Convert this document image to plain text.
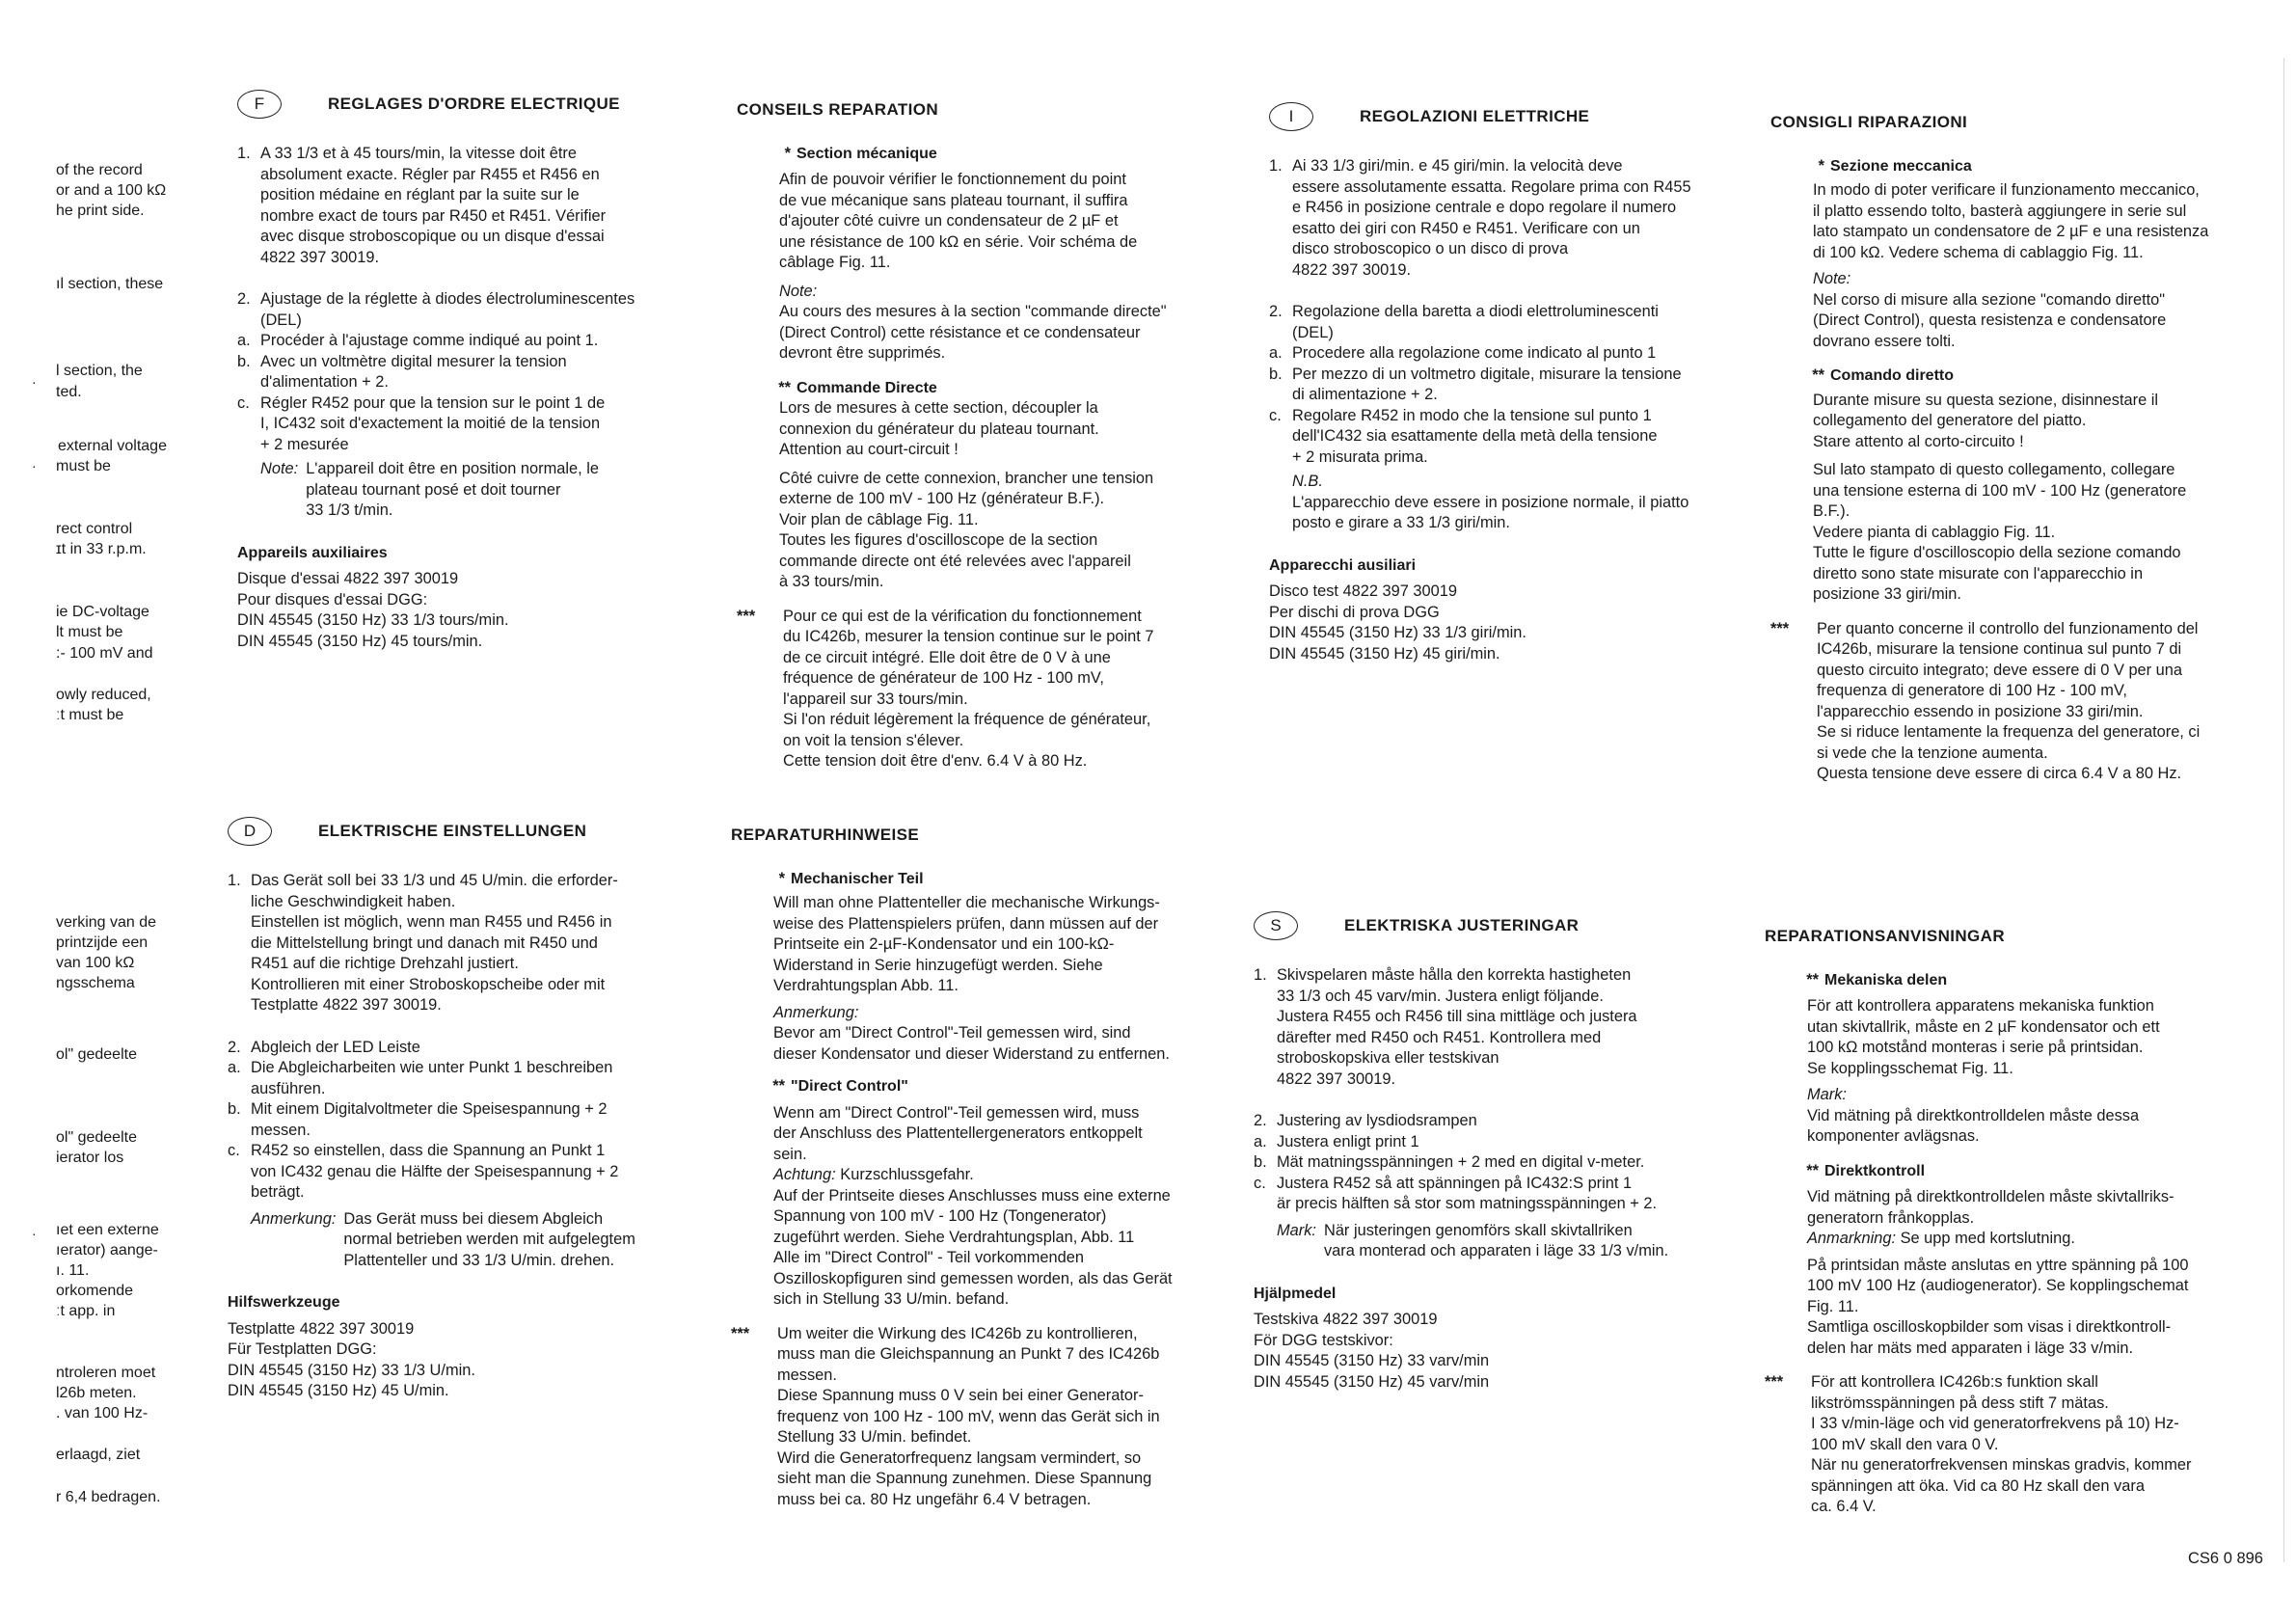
of the record
or and a 100 kΩ
he print side.
ıl section, these
l section, the
ted.
external voltage
must be
rect control
ɪt in 33 r.p.m.
ie DC-voltage
lt must be
:- 100 mV and
owly reduced,
ːt must be
verking van de
printzijde een
van 100 kΩ
ngsschema
ol" gedeelte
ol" gedeelte
ierator los
ıet een externe
ıerator) aange-
ı. 11.
orkomende
ːt app. in
ntroleren moet
l26b meten.
. van 100 Hz-
erlaagd, ziet
r 6,4 bedragen.
·
·
·
F	REGLAGES D'ORDRE ELECTRIQUE
1. A 33 1/3 et à 45 tours/min, la vitesse doit être
absolument exacte. Régler par R455 et R456 en
position médaine en réglant par la suite sur le
nombre exact de tours par R450 et R451. Vérifier
avec disque stroboscopique ou un disque d'essai
4822 397 30019.
2. Ajustage de la réglette à diodes électroluminescentes
(DEL)
a. Procéder à l'ajustage comme indiqué au point 1.
b. Avec un voltmètre digital mesurer la tension
d'alimentation + 2.
c. Régler R452 pour que la tension sur le point 1 de
I, IC432 soit d'exactement la moitié de la tension
+ 2 mesurée
Note: L'appareil doit être en position normale, le
plateau tournant posé et doit tourner
33 1/3 t/min.
Appareils auxiliaires
Disque d'essai 4822 397 30019
Pour disques d'essai DGG:
DIN 45545 (3150 Hz) 33 1/3 tours/min.
DIN 45545 (3150 Hz) 45 tours/min.
CONSEILS REPARATION
* Section mécanique
Afin de pouvoir vérifier le fonctionnement du point
de vue mécanique sans plateau tournant, il suffira
d'ajouter côté cuivre un condensateur de 2 µF et
une résistance de 100 kΩ en série. Voir schéma de
câblage Fig. 11.
Note:
Au cours des mesures à la section "commande directe"
(Direct Control) cette résistance et ce condensateur
devront être supprimés.
** Commande Directe
Lors de mesures à cette section, découpler la
connexion du générateur du plateau tournant.
Attention au court-circuit !
Côté cuivre de cette connexion, brancher une tension
externe de 100 mV - 100 Hz (générateur B.F.).
Voir plan de câblage Fig. 11.
Toutes les figures d'oscilloscope de la section
commande directe ont été relevées avec l'appareil
à 33 tours/min.
***	Pour ce qui est de la vérification du fonctionnement
du IC426b, mesurer la tension continue sur le point 7
de ce circuit intégré. Elle doit être de 0 V à une
fréquence de générateur de 100 Hz - 100 mV,
l'appareil sur 33 tours/min.
Si l'on réduit légèrement la fréquence de générateur,
on voit la tension s'élever.
Cette tension doit être d'env. 6.4 V à 80 Hz.
D	ELEKTRISCHE EINSTELLUNGEN
1. Das Gerät soll bei 33 1/3 und 45 U/min. die erforder-
liche Geschwindigkeit haben.
Einstellen ist möglich, wenn man R455 und R456 in
die Mittelstellung bringt und danach mit R450 und
R451 auf die richtige Drehzahl justiert.
Kontrollieren mit einer Stroboskopscheibe oder mit
Testplatte 4822 397 30019.
2. Abgleich der LED Leiste
a. Die Abgleicharbeiten wie unter Punkt 1 beschreiben
ausführen.
b. Mit einem Digitalvoltmeter die Speisespannung + 2
messen.
c. R452 so einstellen, dass die Spannung an Punkt 1
von IC432 genau die Hälfte der Speisespannung + 2
beträgt.
Anmerkung: Das Gerät muss bei diesem Abgleich
normal betrieben werden mit aufgelegtem
Plattenteller und 33 1/3 U/min. drehen.
Hilfswerkzeuge
Testplatte 4822 397 30019
Für Testplatten DGG:
DIN 45545 (3150 Hz) 33 1/3 U/min.
DIN 45545 (3150 Hz) 45 U/min.
REPARATURHINWEISE
* Mechanischer Teil
Will man ohne Plattenteller die mechanische Wirkungs-
weise des Plattenspielers prüfen, dann müssen auf der
Printseite ein 2-µF-Kondensator und ein 100-kΩ-
Widerstand in Serie hinzugefügt werden. Siehe
Verdrahtungsplan Abb. 11.
Anmerkung:
Bevor am "Direct Control"-Teil gemessen wird, sind
dieser Kondensator und dieser Widerstand zu entfernen.
** "Direct Control"
Wenn am "Direct Control"-Teil gemessen wird, muss
der Anschluss des Plattentellergenerators entkoppelt
sein.
Achtung: Kurzschlussgefahr.
Auf der Printseite dieses Anschlusses muss eine externe
Spannung von 100 mV - 100 Hz (Tongenerator)
zugeführt werden. Siehe Verdrahtungsplan, Abb. 11
Alle im "Direct Control" - Teil vorkommenden
Oszilloskopfiguren sind gemessen worden, als das Gerät
sich in Stellung 33 U/min. befand.
***	Um weiter die Wirkung des IC426b zu kontrollieren,
muss man die Gleichspannung an Punkt 7 des IC426b
messen.
Diese Spannung muss 0 V sein bei einer Generator-
frequenz von 100 Hz - 100 mV, wenn das Gerät sich in
Stellung 33 U/min. befindet.
Wird die Generatorfrequenz langsam vermindert, so
sieht man die Spannung zunehmen. Diese Spannung
muss bei ca. 80 Hz ungefähr 6.4 V betragen.
I	REGOLAZIONI ELETTRICHE
1. Ai 33 1/3 giri/min. e 45 giri/min. la velocità deve
essere assolutamente essatta. Regolare prima con R455
e R456 in posizione centrale e dopo regolare il numero
esatto dei giri con R450 e R451. Verificare con un
disco stroboscopico o un disco di prova
4822 397 30019.
2. Regolazione della baretta a diodi elettroluminescenti
(DEL)
a. Procedere alla regolazione come indicato al punto 1
b. Per mezzo di un voltmetro digitale, misurare la tensione
di alimentazione + 2.
c. Regolare R452 in modo che la tensione sul punto 1
dell'IC432 sia esattamente della metà della tensione
+ 2 misurata prima.
N.B.
L'apparecchio deve essere in posizione normale, il piatto
posto e girare a 33 1/3 giri/min.
Apparecchi ausiliari
Disco test 4822 397 30019
Per dischi di prova DGG
DIN 45545 (3150 Hz) 33 1/3 giri/min.
DIN 45545 (3150 Hz) 45 giri/min.
CONSIGLI RIPARAZIONI
* Sezione meccanica
In modo di poter verificare il funzionamento meccanico,
il platto essendo tolto, basterà aggiungere in serie sul
lato stampato un condensatore de 2 µF e una resistenza
di 100 kΩ. Vedere schema di cablaggio Fig. 11.
Note:
Nel corso di misure alla sezione "comando diretto"
(Direct Control), questa resistenza e condensatore
dovrano essere tolti.
** Comando diretto
Durante misure su questa sezione, disinnestare il
collegamento del generatore del piatto.
Stare attento al corto-circuito !
Sul lato stampato di questo collegamento, collegare
una tensione esterna di 100 mV - 100 Hz (generatore
B.F.).
Vedere pianta di cablaggio Fig. 11.
Tutte le figure d'oscilloscopio della sezione comando
diretto sono state misurate con l'apparecchio in
posizione 33 giri/min.
***	Per quanto concerne il controllo del funzionamento del
IC426b, misurare la tensione continua sul punto 7 di
questo circuito integrato; deve essere di 0 V per una
frequenza di generatore di 100 Hz - 100 mV,
l'apparecchio essendo in posizione 33 giri/min.
Se si riduce lentamente la frequenza del generatore, ci
si vede che la tenzione aumenta.
Questa tensione deve essere di circa 6.4 V a 80 Hz.
S	ELEKTRISKA JUSTERINGAR
1. Skivspelaren måste hålla den korrekta hastigheten
33 1/3 och 45 varv/min. Justera enligt följande.
Justera R455 och R456 till sina mittläge och justera
därefter med R450 och R451. Kontrollera med
stroboskopskiva eller testskivan
4822 397 30019.
2. Justering av lysdiodsrampen
a. Justera enligt print 1
b. Mät matningsspänningen + 2 med en digital v-meter.
c. Justera R452 så att spänningen på IC432:S print 1
är precis hälften så stor som matningsspänningen + 2.
Mark: När justeringen genomförs skall skivtallriken
vara monterad och apparaten i läge 33 1/3 v/min.
Hjälpmedel
Testskiva 4822 397 30019
För DGG testskivor:
DIN 45545 (3150 Hz) 33 varv/min
DIN 45545 (3150 Hz) 45 varv/min
REPARATIONSANVISNINGAR
** Mekaniska delen
För att kontrollera apparatens mekaniska funktion
utan skivtallrik, måste en 2 µF kondensator och ett
100 kΩ motstånd monteras i serie på printsidan.
Se kopplingsschemat Fig. 11.
Mark:
Vid mätning på direktkontrolldelen måste dessa
komponenter avlägsnas.
** Direktkontroll
Vid mätning på direktkontrolldelen måste skivtallriks-
generatorn frånkopplas.
Anmarkning: Se upp med kortslutning.
På printsidan måste anslutas en yttre spänning på 100
100 mV 100 Hz (audiogenerator). Se kopplingschemat
Fig. 11.
Samtliga oscilloskopbilder som visas i direktkontroll-
delen har mäts med apparaten i läge 33 v/min.
***	För att kontrollera IC426b:s funktion skall
likströmsspänningen på dess stift 7 mätas.
I 33 v/min-läge och vid generatorfrekvens på 10) Hz-
100 mV skall den vara 0 V.
När nu generatorfrekvensen minskas gradvis, kommer
spänningen att öka. Vid ca 80 Hz skall den vara
ca. 6.4 V.
CS6 0 896
